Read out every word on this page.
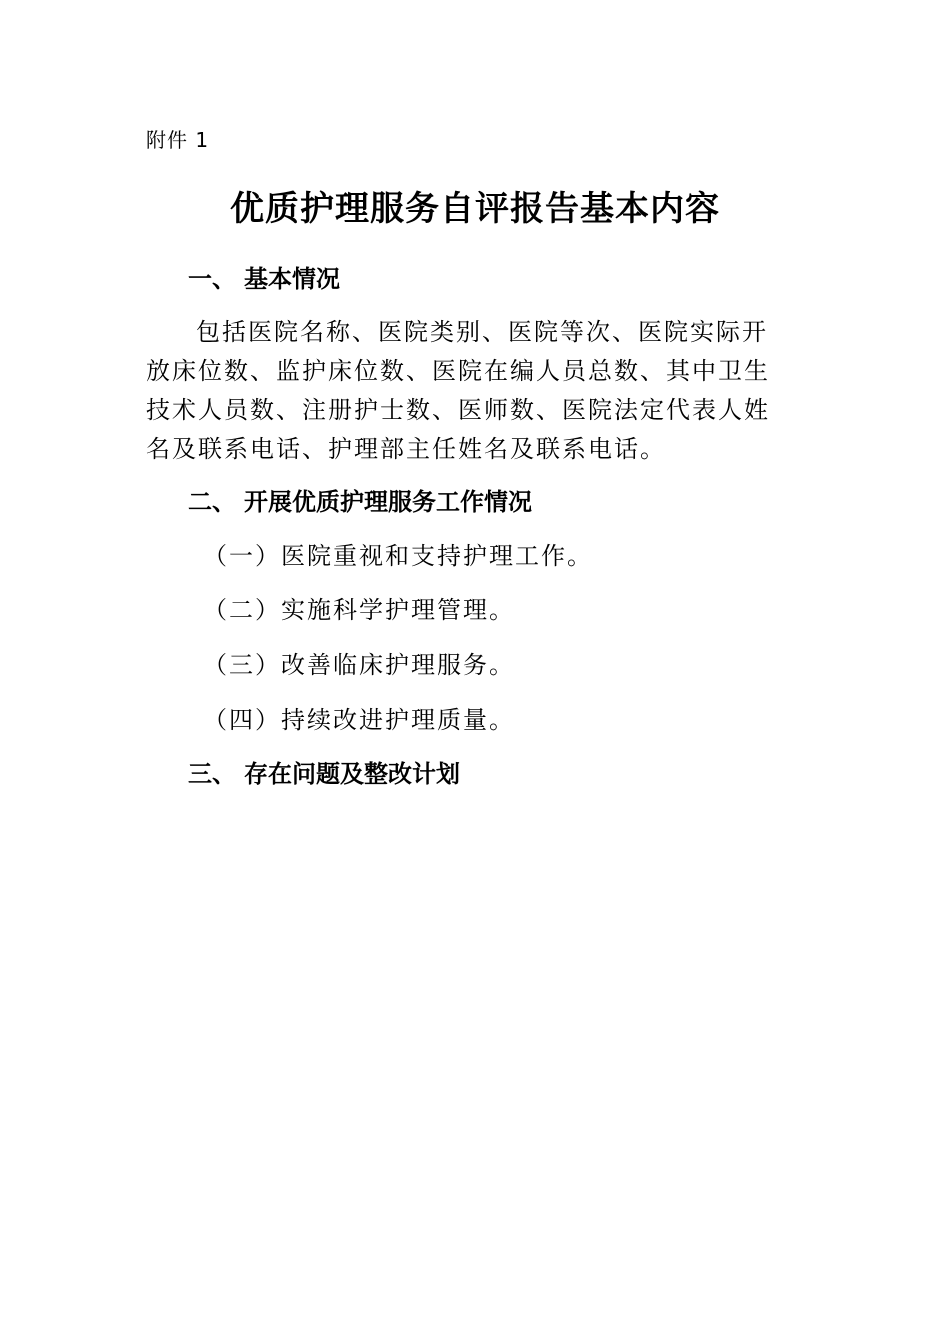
附件 1
优质护理服务自评报告基本内容
一、 基本情况
包括医院名称、医院类别、医院等次、医院实际开放床位数、监护床位数、医院在编人员总数、其中卫生技术人员数、注册护士数、医师数、医院法定代表人姓名及联系电话、护理部主任姓名及联系电话。
二、 开展优质护理服务工作情况
（一）医院重视和支持护理工作。
（二）实施科学护理管理。
（三）改善临床护理服务。
（四）持续改进护理质量。
三、 存在问题及整改计划
